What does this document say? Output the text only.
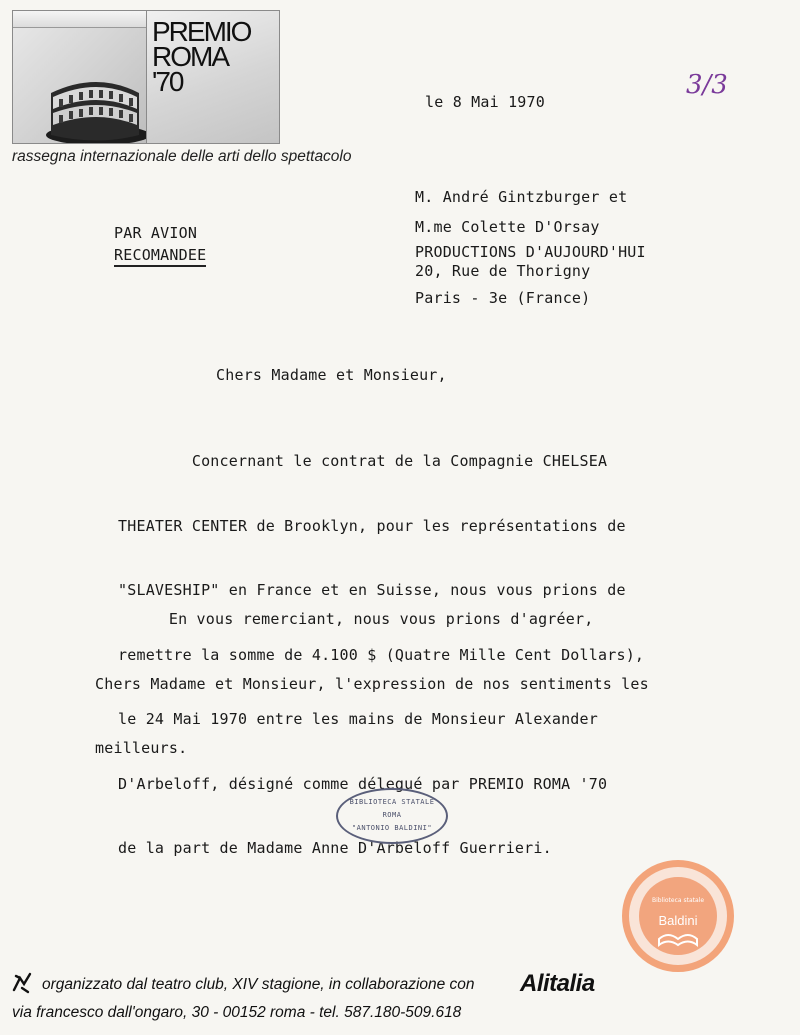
PREMIO
ROMA
'70
rassegna internazionale delle arti dello spettacolo
3/3
le 8 Mai 1970
PAR AVION
RECOMANDEE
M. André Gintzburger et
M.me Colette D'Orsay
PRODUCTIONS D'AUJOURD'HUI
20, Rue de Thorigny
Paris - 3e (France)
Chers Madame et Monsieur,

Concernant le contrat de la Compagnie CHELSEA

THEATER CENTER de Brooklyn, pour les représentations de

"SLAVESHIP" en France et en Suisse, nous vous prions de

remettre la somme de 4.100 $ (Quatre Mille Cent Dollars),

le 24 Mai 1970 entre les mains de Monsieur Alexander

D'Arbeloff, désigné comme délegué par PREMIO ROMA '70

de la part de Madame Anne D'Arbeloff Guerrieri.

En vous remerciant, nous vous prions d'agréer,

Chers Madame et Monsieur, l'expression de nos sentiments les

meilleurs.

BIBLIOTECA STATALE
ROMA
"ANTONIO BALDINI"
Biblioteca statale
Baldini
organizzato dal teatro club, XIV stagione, in collaborazione con Alitalia
via francesco dall'ongaro, 30 - 00152 roma - tel. 587.180-509.618
